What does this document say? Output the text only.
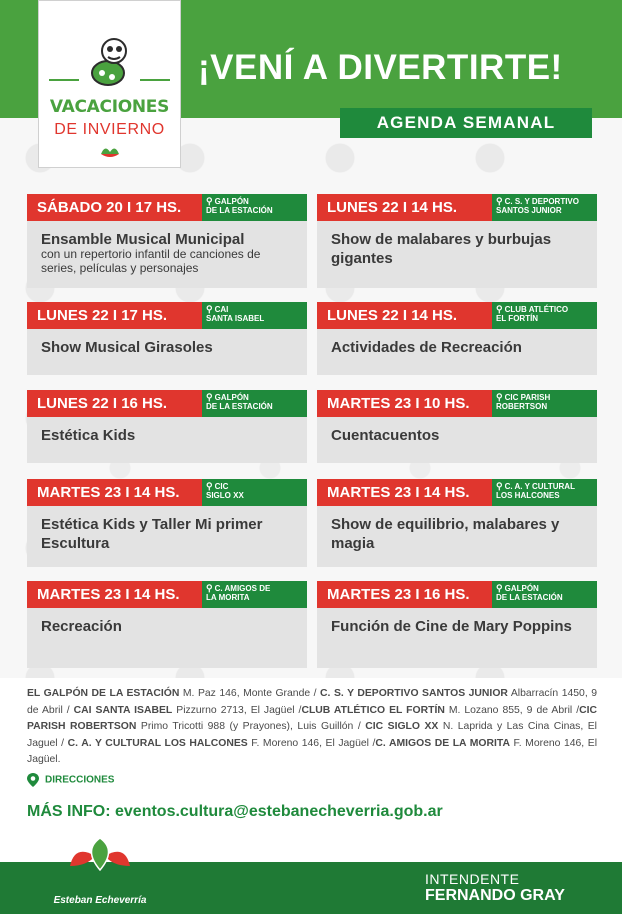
VACACIONES
DE INVIERNO
¡VENÍ A DIVERTIRTE!
AGENDA SEMANAL
SÁBADO 20 I 17 HS.	⚲ GALPÓN
DE LA ESTACIÓN
Ensamble Musical Municipal
con un repertorio infantil de canciones de series, películas y personajes
LUNES 22 I 14 HS.	⚲ C. S. Y DEPORTIVO
SANTOS JUNIOR
Show de malabares y burbujas gigantes
LUNES 22 I 17 HS.	⚲ CAI
SANTA ISABEL
Show Musical Girasoles
LUNES 22 I 14 HS.	⚲ CLUB ATLÉTICO
EL FORTÍN
Actividades de Recreación
LUNES 22 I 16 HS.	⚲ GALPÓN
DE LA ESTACIÓN
Estética Kids
MARTES 23 I 10 HS.	⚲ CIC PARISH
ROBERTSON
Cuentacuentos
MARTES 23 I 14 HS.	⚲ CIC
SIGLO XX
Estética Kids y Taller Mi primer Escultura
MARTES 23 I 14 HS.	⚲ C. A. Y CULTURAL
LOS HALCONES
Show de equilibrio, malabares y magia
MARTES 23 I 14 HS.	⚲ C. AMIGOS DE
LA MORITA
Recreación
MARTES 23 I 16 HS.	⚲ GALPÓN
DE LA ESTACIÓN
Función de Cine de Mary Poppins
EL GALPÓN DE LA ESTACIÓN M. Paz 146, Monte Grande / C. S. Y DEPORTIVO SANTOS JUNIOR Albarracín 1450, 9 de Abril / CAI SANTA ISABEL Pizzurno 2713, El Jagüel /CLUB ATLÉTICO EL FORTÍN M. Lozano 855, 9 de Abril /CIC PARISH ROBERTSON Primo Tricotti 988 (y Prayones), Luis Guillón / CIC SIGLO XX N. Laprida y Las Cina Cinas, El Jaguel / C. A. Y CULTURAL LOS HALCONES F. Moreno 146, El Jagüel /C. AMIGOS DE LA MORITA F. Moreno 146, El Jagüel.
DIRECCIONES
MÁS INFO: eventos.cultura@estebanecheverria.gob.ar
Esteban Echeverría
INTENDENTE
FERNANDO GRAY
